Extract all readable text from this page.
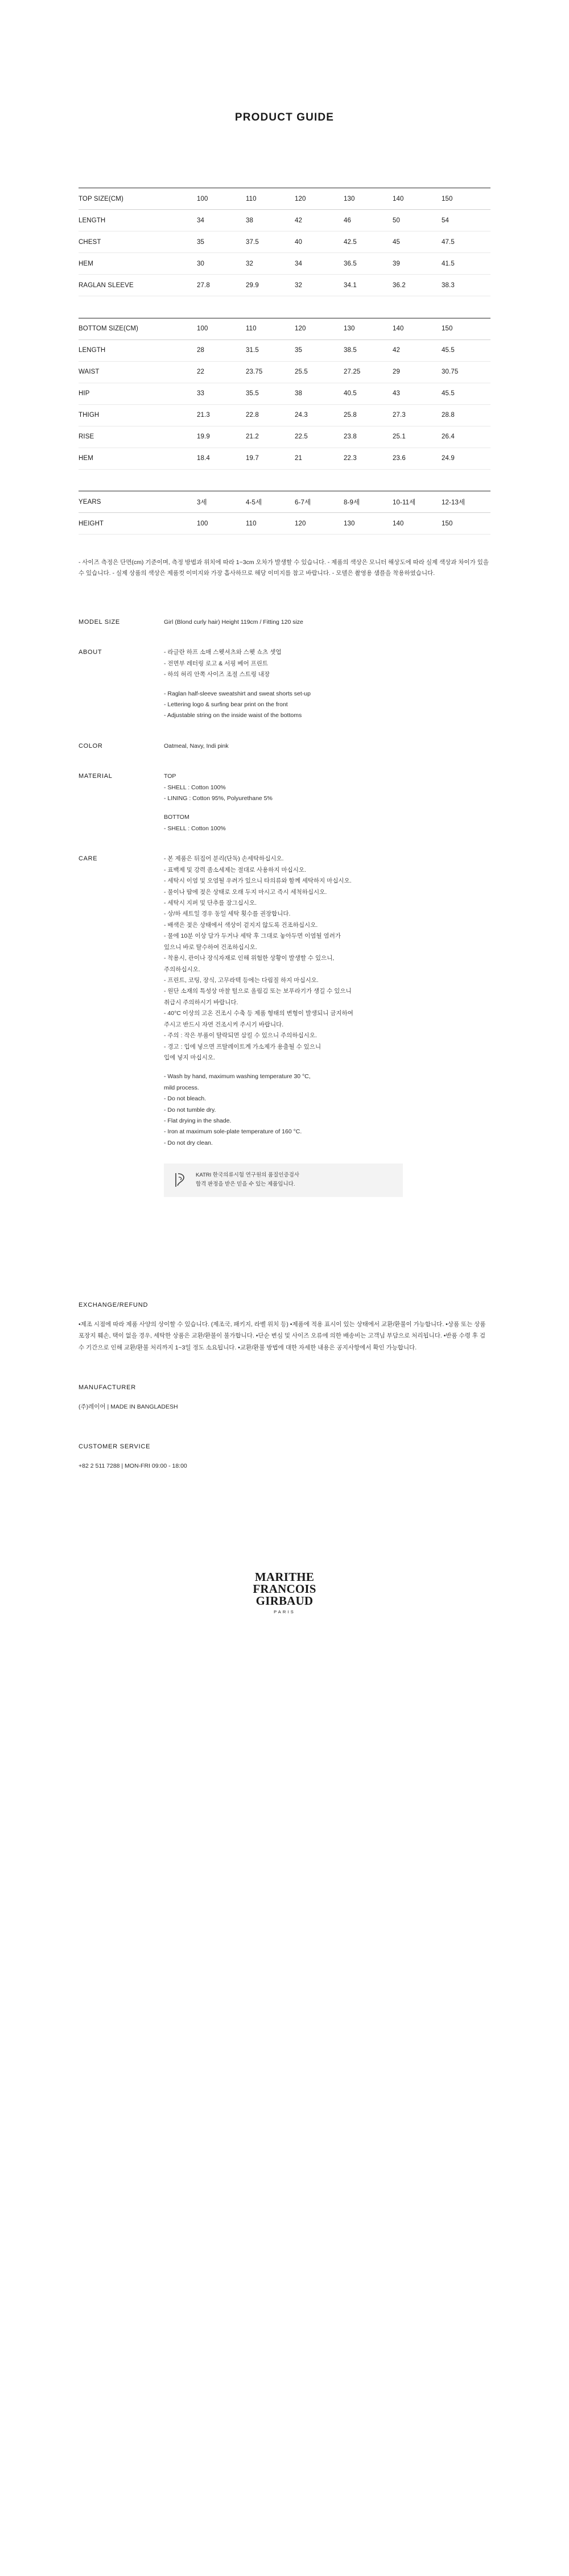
PRODUCT GUIDE
TOP SIZE(CM)	100	110	120	130	140	150
LENGTH	34	38	42	46	50	54
CHEST	35	37.5	40	42.5	45	47.5
HEM	30	32	34	36.5	39	41.5
RAGLAN SLEEVE	27.8	29.9	32	34.1	36.2	38.3

BOTTOM SIZE(CM)	100	110	120	130	140	150
LENGTH	28	31.5	35	38.5	42	45.5
WAIST	22	23.75	25.5	27.25	29	30.75
HIP	33	35.5	38	40.5	43	45.5
THIGH	21.3	22.8	24.3	25.8	27.3	28.8
RISE	19.9	21.2	22.5	23.8	25.1	26.4
HEM	18.4	19.7	21	22.3	23.6	24.9

YEARS	3세	4-5세	6-7세	8-9세	10-11세	12-13세
HEIGHT	100	110	120	130	140	150
- 사이즈 측정은 단면(cm) 기준이며, 측정 방법과 위치에 따라 1~3cm 오차가 발생할 수 있습니다. - 제품의 색상은 모니터 해상도에 따라 실제 색상과 차이가 있을 수 있습니다. - 실제 상품의 색상은 제품컷 이미지와 가장 흡사하므로 해당 이미지를 참고 바랍니다. - 모델은 촬영용 샘플을 착용하였습니다.
MODEL SIZE	Girl (Blond curly hair) Height 119cm / Fitting 120 size
ABOUT	- 라글란 하프 소매 스웻셔츠와 스웻 쇼츠 셋업
- 전면부 레터링 로고 & 서핑 베어 프린트
- 하의 허리 안쪽 사이즈 조절 스트링 내장
- Raglan half-sleeve sweatshirt and sweat shorts set-up
- Lettering logo & surfing bear print on the front
- Adjustable string on the inside waist of the bottoms
COLOR	Oatmeal, Navy, Indi pink
MATERIAL	TOP
- SHELL : Cotton 100%
- LINING : Cotton 95%, Polyurethane 5%
BOTTOM
- SHELL : Cotton 100%
CARE	- 본 제품은 뒤집어 분리(단독) 손세탁하십시오.
- 표백제 및 강력 좀소세제는 절대로 사용하지 마십시오.
- 세탁시 이염 및 오염될 우려가 있으니 타의류와 함께 세탁하지 마십시오.
- 물이나 땀에 젖은 상태로 오래 두지 마시고 즉시 세척하십시오.
- 세탁시 지퍼 및 단추를 잠그십시오.
- 상/하 세트일 경우 동일 세탁 횟수를 권장합니다.
- 배색은 젖은 상태에서 색상이 겉지지 않도록 건조하십시오.
- 물에 10분 이상 담가 두거나 세탁 후 그대로 놓아두면 이염될 염려가
있으니 바로 탈수하여 건조하십시오.
- 착용시, 관이나 장식자재로 인해 위험한 상황이 발생할 수 있으니,
주의하십시오.
- 프린트, 코팅, 장식, 고무라텍 등에는 다림질 하지 마십시오.
- 원단 소재의 특성상 마찰 털으로 올림김 또는 보푸라기가 생길 수 있으니
취급시 주의하시기 바랍니다.
- 40°C 이상의 고온 건조시 수축 등 제품 형태의 변형이 발생되니 금지하여
주시고 반드시 자연 건조시켜 주시기 바랍니다.
- 주의 : 작은 부품이 탈락되면 삼킬 수 있으니 주의하십시오.
- 경고 : 입에 넣으면 프탈레이트계 가소제가 용출될 수 있으니
입에 넣지 마십시오.
- Wash by hand, maximum washing temperature 30 °C,
mild process.
- Do not bleach.
- Do not tumble dry.
- Flat drying in the shade.
- Iron at maximum sole-plate temperature of 160 °C.
- Do not dry clean.
KATRI 한국의류시험 연구원의 품질인증검사
합격 판정을 받은 믿을 수 있는 제품입니다.
EXCHANGE/REFUND
•제조 시점에 따라 제품 사양의 상이할 수 있습니다. (제조국, 패키지, 라벨 위치 등) •제품에 적용 표시이 있는 상태에서 교환/환불이 가능합니다. •상품 또는 상품 포장지 훼손, 택이 없을 경우, 세탁한 상품은 교환/환불이 불가합니다. •단순 변심 및 사이즈 오류에 의한 배송비는 고객님 부담으로 처리됩니다. •반품 수령 후 검수 기간으로 인해 교환/환불 처리까지 1~3일 정도 소요됩니다. •교환/환불 방법에 대한 자세한 내용은 공지사항에서 확인 가능합니다.
MANUFACTURER
(주)레이어 | MADE IN BANGLADESH
CUSTOMER SERVICE
+82 2 511 7288 | MON-FRI 09:00 - 18:00
MARITHE
FRANCOIS
GIRBAUD
PARIS
